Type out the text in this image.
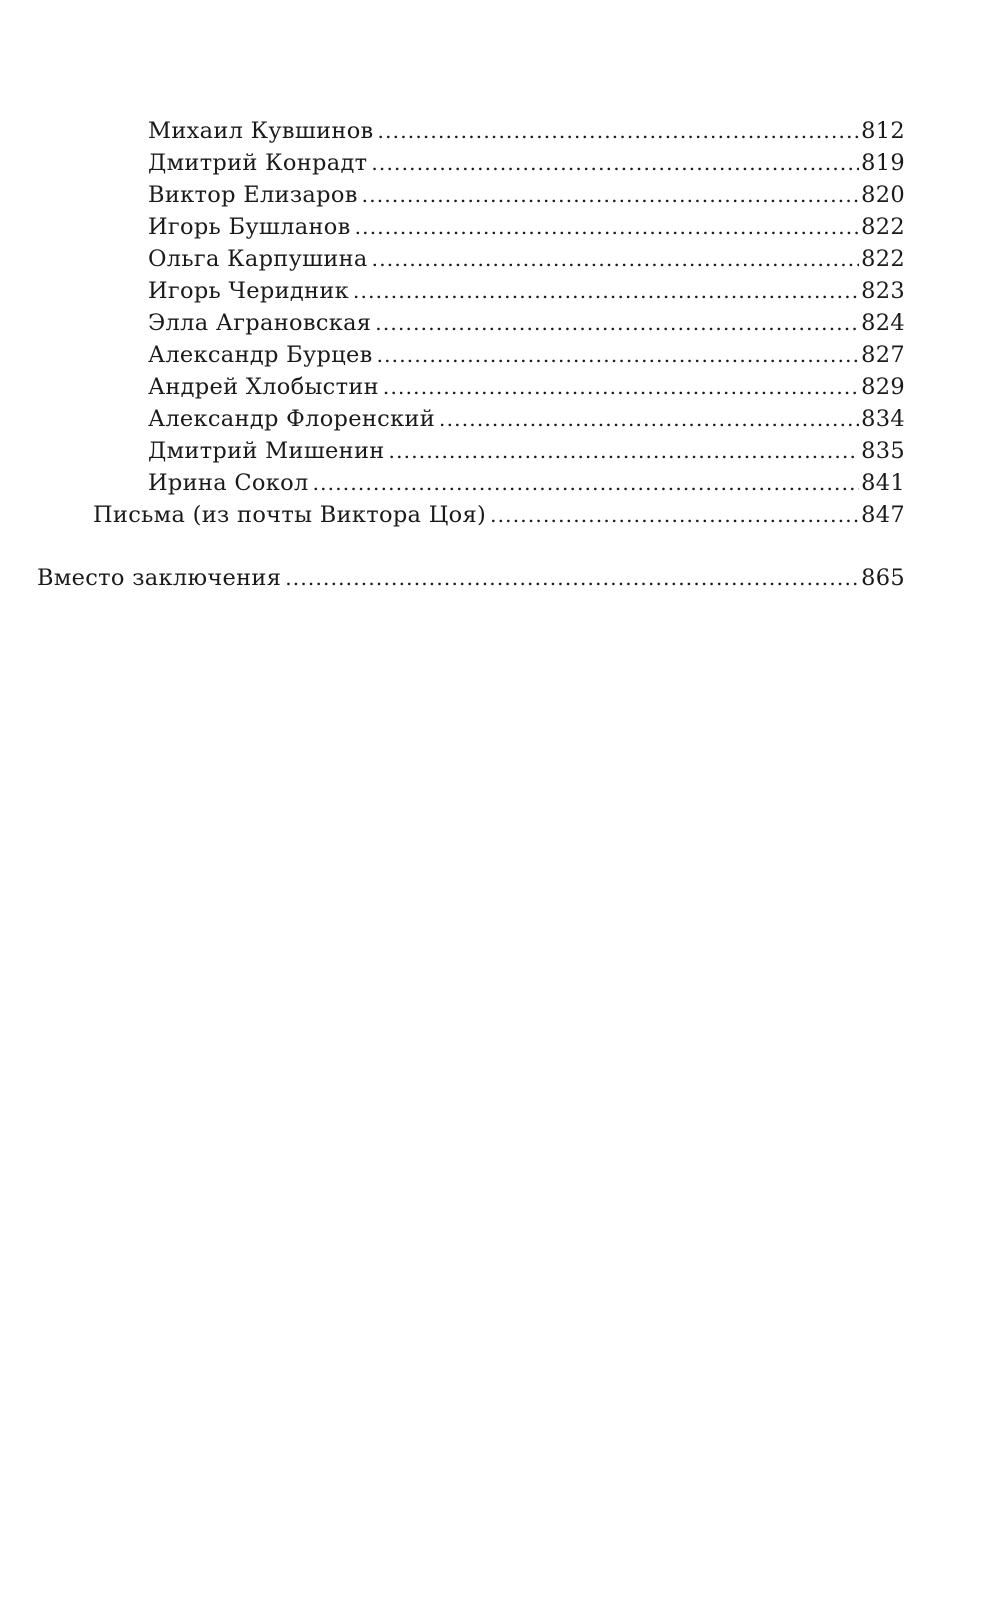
Михаил Кувшинов .....	812
Дмитрий Конрадт .....	819
Виктор Елизаров .....	820
Игорь Бушланов .....	822
Ольга Карпушина .....	822
Игорь Черидник .....	823
Элла Аграновская .....	824
Александр Бурцев .....	827
Андрей Хлобыстин .....	829
Александр Флоренский .....	834
Дмитрий Мишенин .....	835
Ирина Сокол .....	841
Письма (из почты Виктора Цоя) .....	847
Вместо заключения .....	865
